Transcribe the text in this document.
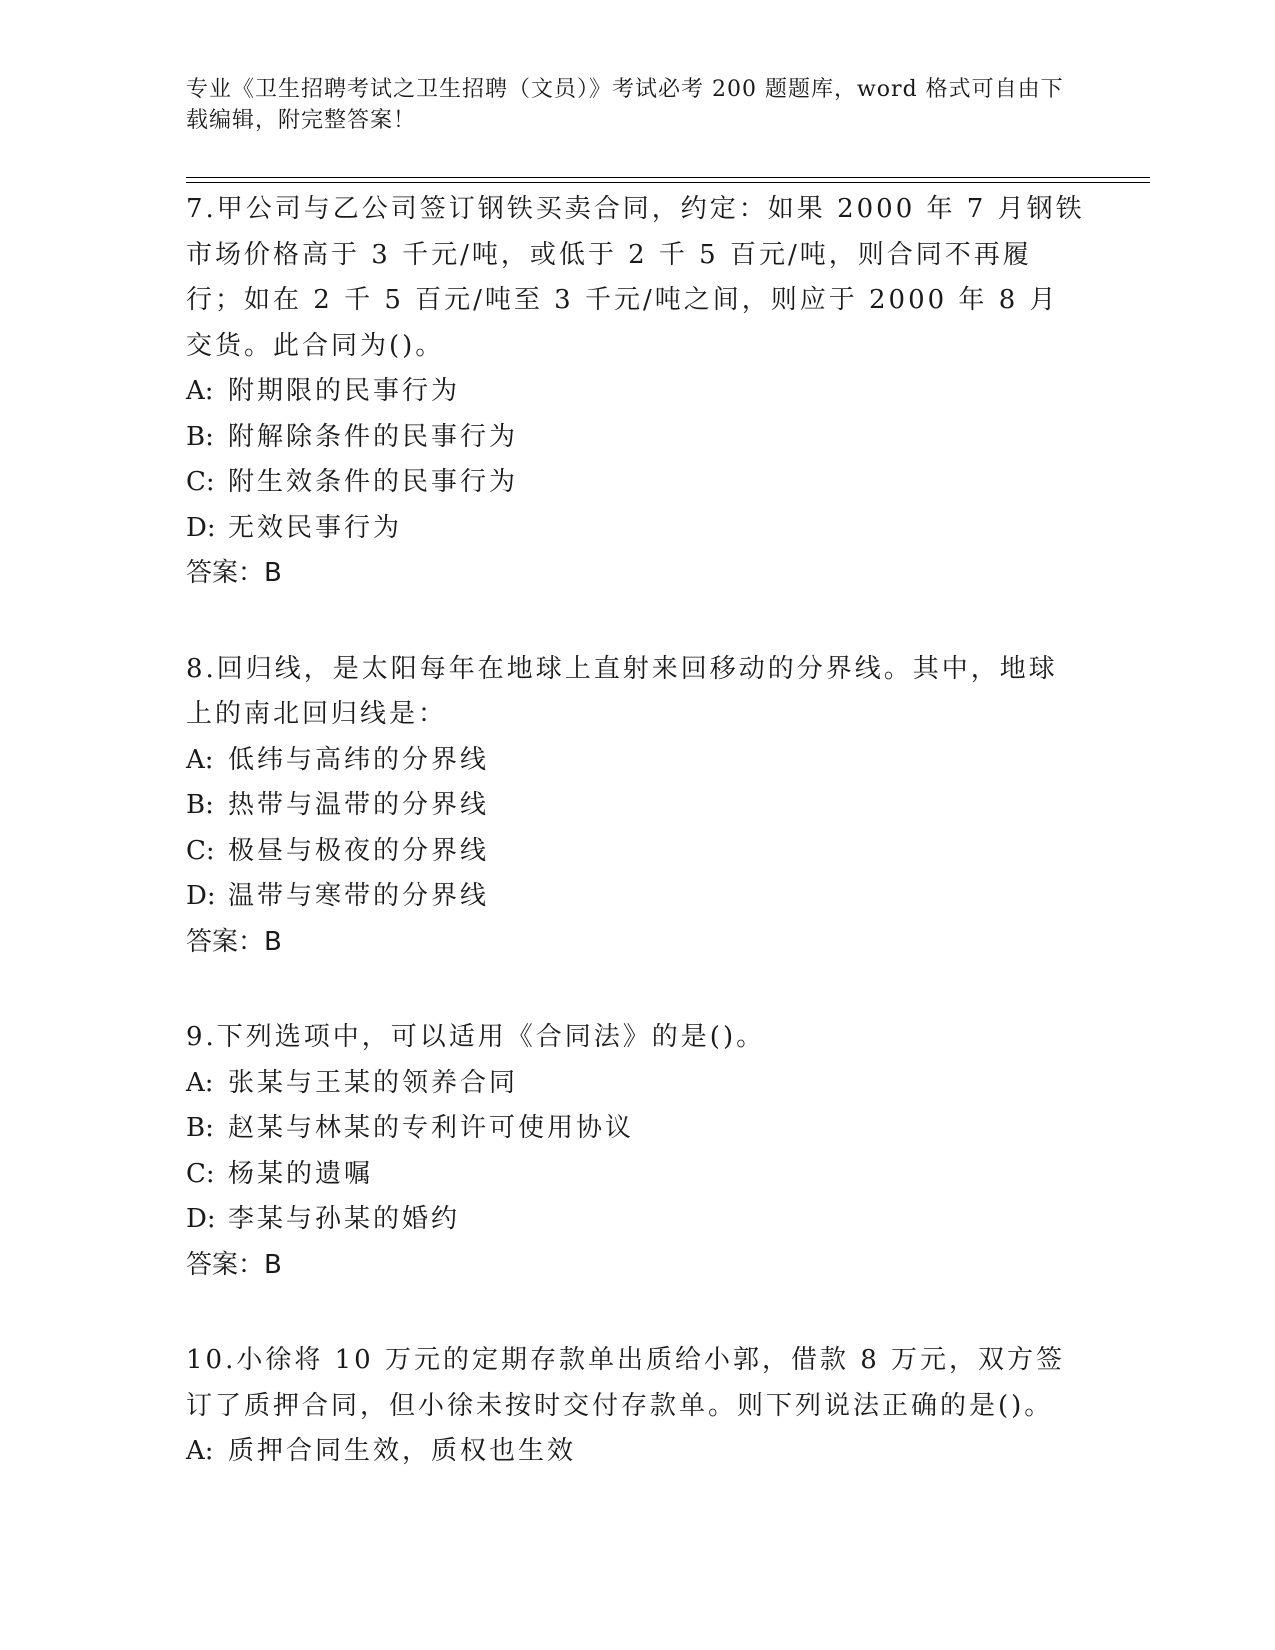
专业《卫生招聘考试之卫生招聘（文员）》考试必考 200 题题库，word 格式可自由下载编辑，附完整答案！

7.甲公司与乙公司签订钢铁买卖合同，约定：如果 2000 年 7 月钢铁市场价格高于 3 千元/吨，或低于 2 千 5 百元/吨，则合同不再履行；如在 2 千 5 百元/吨至 3 千元/吨之间，则应于 2000 年 8 月交货。此合同为()。

A: 附期限的民事行为

B: 附解除条件的民事行为

C: 附生效条件的民事行为

D: 无效民事行为

答案：B

8.回归线，是太阳每年在地球上直射来回移动的分界线。其中，地球上的南北回归线是：

A: 低纬与高纬的分界线

B: 热带与温带的分界线

C: 极昼与极夜的分界线

D: 温带与寒带的分界线

答案：B

9.下列选项中，可以适用《合同法》的是()。

A: 张某与王某的领养合同

B: 赵某与林某的专利许可使用协议

C: 杨某的遗嘱

D: 李某与孙某的婚约

答案：B

10.小徐将 10 万元的定期存款单出质给小郭，借款 8 万元，双方签订了质押合同，但小徐未按时交付存款单。则下列说法正确的是()。

A: 质押合同生效，质权也生效
